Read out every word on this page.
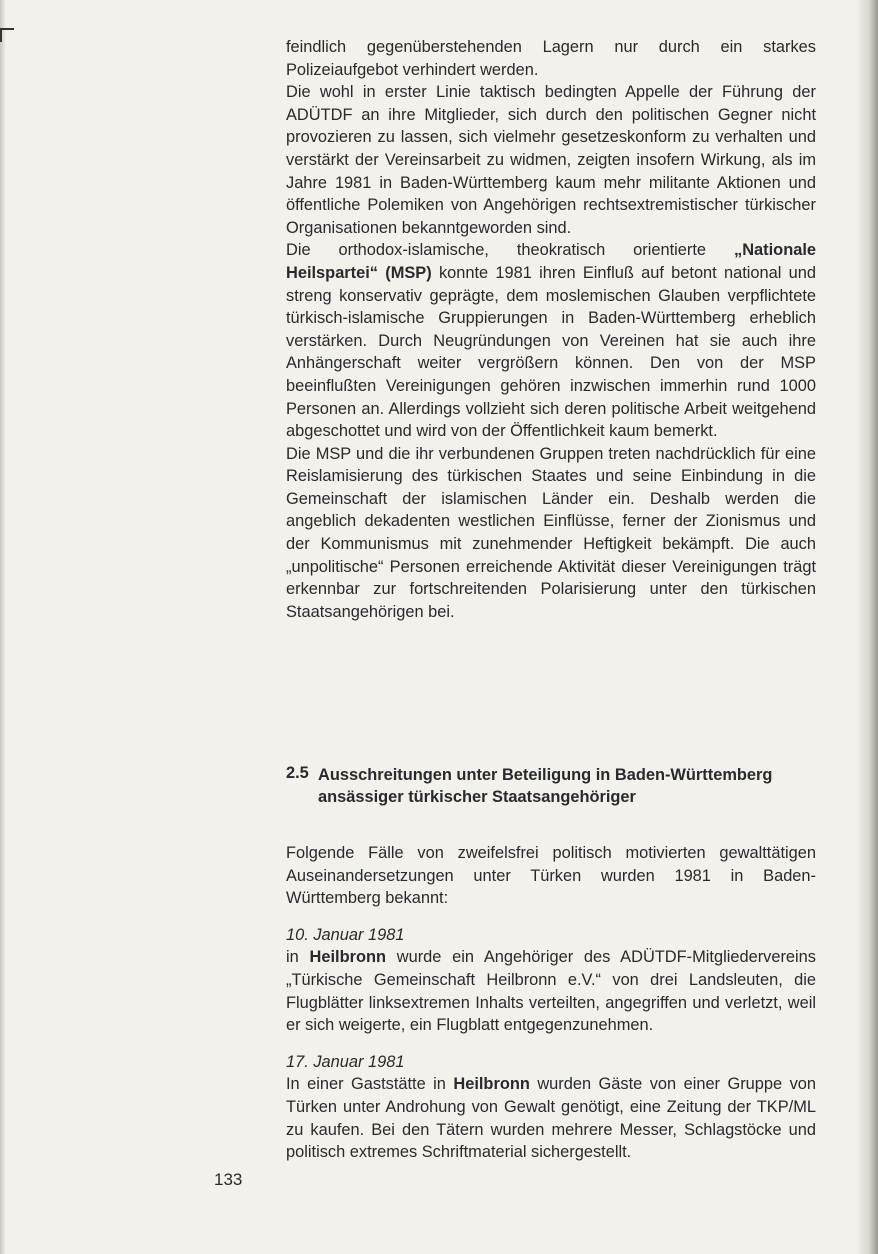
feindlich gegenüberstehenden Lagern nur durch ein starkes Polizeiaufgebot verhindert werden.

Die wohl in erster Linie taktisch bedingten Appelle der Führung der ADÜTDF an ihre Mitglieder, sich durch den politischen Gegner nicht provozieren zu lassen, sich vielmehr gesetzeskonform zu verhalten und verstärkt der Vereinsarbeit zu widmen, zeigten insofern Wirkung, als im Jahre 1981 in Baden-Württemberg kaum mehr militante Aktionen und öffentliche Polemiken von Angehörigen rechtsextremistischer türkischer Organisationen bekanntgeworden sind.

Die orthodox-islamische, theokratisch orientierte „Nationale Heilspartei“ (MSP) konnte 1981 ihren Einfluß auf betont national und streng konservativ geprägte, dem moslemischen Glauben verpflichtete türkisch-islamische Gruppierungen in Baden-Württemberg erheblich verstärken. Durch Neugründungen von Vereinen hat sie auch ihre Anhängerschaft weiter vergrößern können. Den von der MSP beeinflußten Vereinigungen gehören inzwischen immerhin rund 1000 Personen an. Allerdings vollzieht sich deren politische Arbeit weitgehend abgeschottet und wird von der Öffentlichkeit kaum bemerkt.

Die MSP und die ihr verbundenen Gruppen treten nachdrücklich für eine Reislamisierung des türkischen Staates und seine Einbindung in die Gemeinschaft der islamischen Länder ein. Deshalb werden die angeblich dekadenten westlichen Einflüsse, ferner der Zionismus und der Kommunismus mit zunehmender Heftigkeit bekämpft. Die auch „unpolitische“ Personen erreichende Aktivität dieser Vereinigungen trägt erkennbar zur fortschreitenden Polarisierung unter den türkischen Staatsangehörigen bei.

2.5 Ausschreitungen unter Beteiligung in Baden-Württemberg ansässiger türkischer Staatsangehöriger

Folgende Fälle von zweifelsfrei politisch motivierten gewalttätigen Auseinandersetzungen unter Türken wurden 1981 in Baden-Württemberg bekannt:

10. Januar 1981

in Heilbronn wurde ein Angehöriger des ADÜTDF-Mitgliedervereins „Türkische Gemeinschaft Heilbronn e.V.“ von drei Landsleuten, die Flugblätter linksextremen Inhalts verteilten, angegriffen und verletzt, weil er sich weigerte, ein Flugblatt entgegenzunehmen.

17. Januar 1981

In einer Gaststätte in Heilbronn wurden Gäste von einer Gruppe von Türken unter Androhung von Gewalt genötigt, eine Zeitung der TKP/ML zu kaufen. Bei den Tätern wurden mehrere Messer, Schlagstöcke und politisch extremes Schriftmaterial sichergestellt.

133
